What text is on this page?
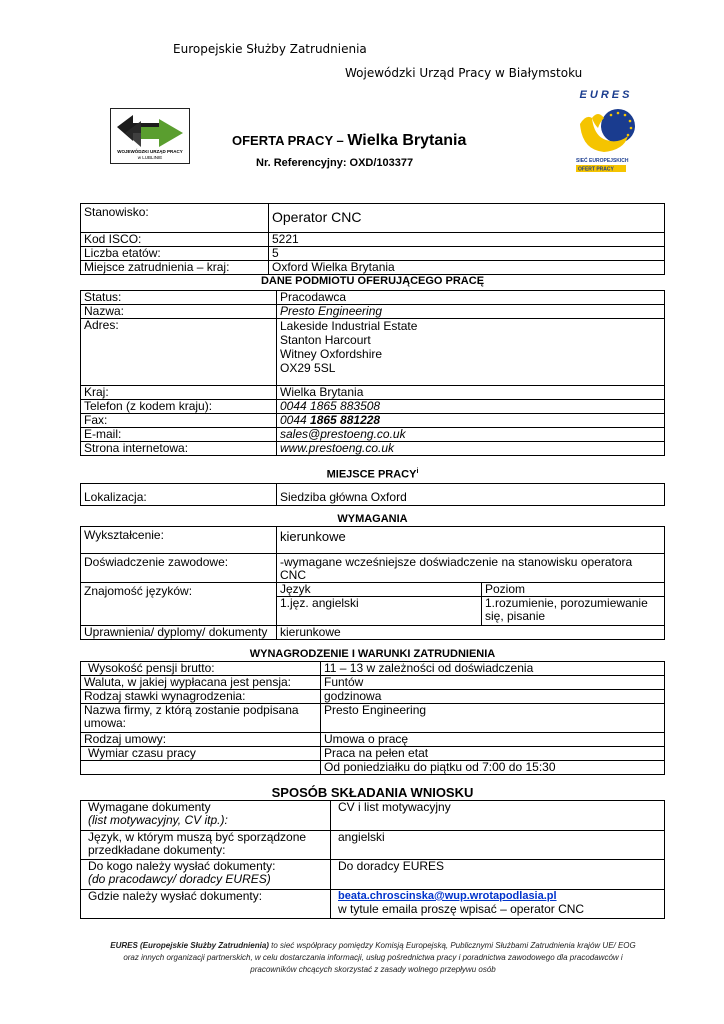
Europejskie Służby Zatrudnienia
Wojewódzki Urząd Pracy w Białymstoku
WOJEWÓDZKI URZĄD PRACY
w LUBLINIE
EURES
SIEĆ EUROPEJSKICH
OFERT PRACY
OFERTA PRACY – Wielka Brytania
Nr. Referencyjny: OXD/103377
Stanowisko:	Operator CNC
Kod ISCO:	5221
Liczba etatów:	5
Miejsce zatrudnienia – kraj:	Oxford Wielka Brytania
DANE PODMIOTU OFERUJĄCEGO PRACĘ
Status:	Pracodawca
Nazwa:	Presto Engineering
Adres:	Lakeside Industrial Estate
Stanton Harcourt
Witney Oxfordshire
OX29 5SL

Kraj:	Wielka Brytania
Telefon (z kodem kraju):	0044 1865 883508
Fax:	0044 1865 881228
E-mail:	sales@prestoeng.co.uk
Strona internetowa:	www.prestoeng.co.uk
MIEJSCE PRACY$^i$
Lokalizacja:	Siedziba główna Oxford
WYMAGANIA
Wykształcenie:	kierunkowe	
Doświadczenie zawodowe:	-wymagane wcześniejsze doświadczenie na stanowisku operatora CNC	
Znajomość języków:	Język	Poziom
	1.jęz. angielski	1.rozumienie, porozumiewanie się, pisanie
Uprawnienia/ dyplomy/ dokumenty	kierunkowe	
WYNAGRODZENIE I WARUNKI ZATRUDNIENIA
Wysokość pensji brutto:	11 – 13 w zależności od doświadczenia
Waluta, w jakiej wypłacana jest pensja:	Funtów
Rodzaj stawki wynagrodzenia:	godzinowa
Nazwa firmy, z którą zostanie podpisana umowa:	Presto Engineering
Rodzaj umowy:	Umowa o pracę
Wymiar czasu pracy	Praca na pełen etat
	Od poniedziałku do piątku od 7:00 do 15:30
SPOSÓB SKŁADANIA WNIOSKU
Wymagane dokumenty
(list motywacyjny, CV itp.):	CV i list motywacyjny
Język, w którym muszą być sporządzone przedkładane dokumenty:	angielski

Do kogo należy wysłać dokumenty:
(do pracodawcy/ doradcy EURES)	Do doradcy EURES
Gdzie należy wysłać dokumenty:	beata.chroscinska@wup.wrotapodlasia.pl
w tytule emaila proszę wpisać – operator CNC
EURES (Europejskie Służby Zatrudnienia) to sieć współpracy pomiędzy Komisją Europejską, Publicznymi Służbami Zatrudnienia krajów UE/ EOG
oraz innych organizacji partnerskich, w celu dostarczania informacji, usług pośrednictwa pracy i poradnictwa zawodowego dla pracodawców i
pracowników chcących skorzystać z zasady wolnego przepływu osób
